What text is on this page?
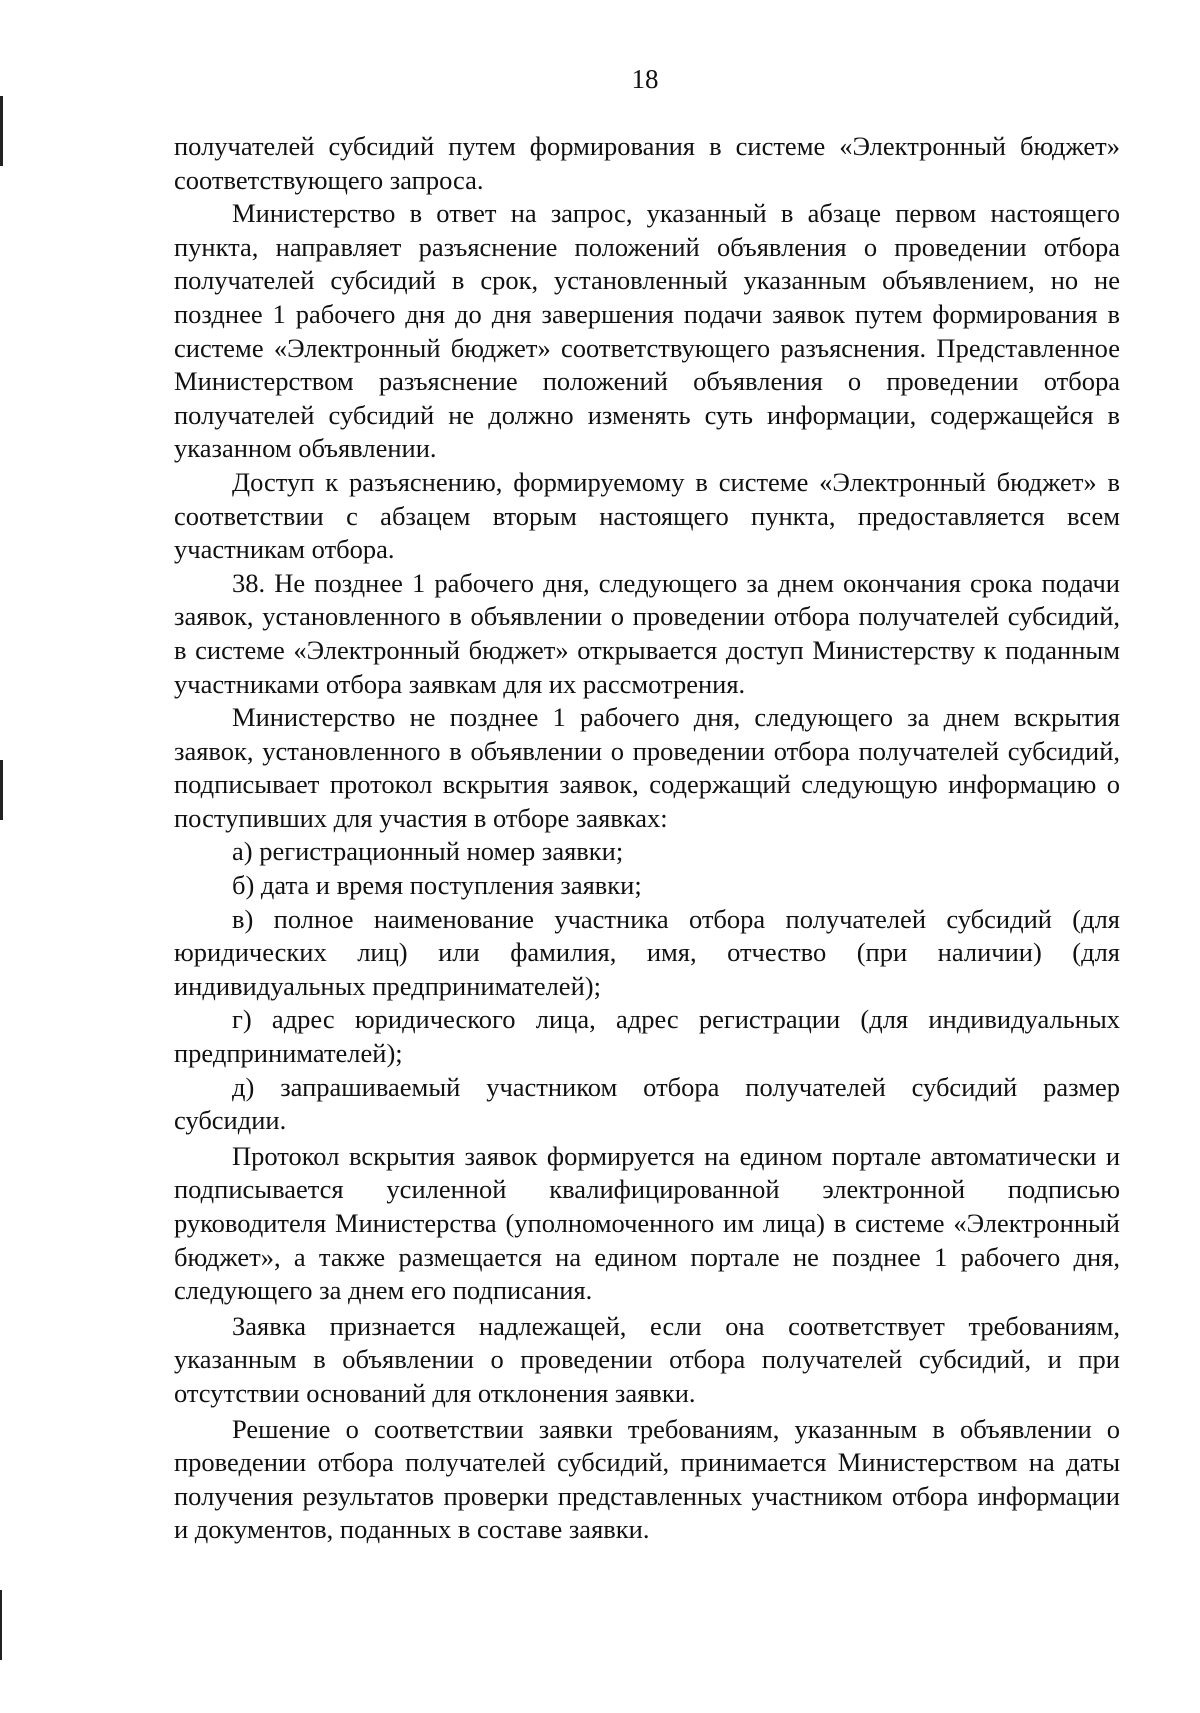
18

получателей субсидий путем формирования в системе «Электронный бюджет» соответствующего запроса.

Министерство в ответ на запрос, указанный в абзаце первом настоящего пункта, направляет разъяснение положений объявления о проведении отбора получателей субсидий в срок, установленный указанным объявлением, но не позднее 1 рабочего дня до дня завершения подачи заявок путем формирования в системе «Электронный бюджет» соответствующего разъяснения. Представленное Министерством разъяснение положений объявления о проведении отбора получателей субсидий не должно изменять суть информации, содержащейся в указанном объявлении.

Доступ к разъяснению, формируемому в системе «Электронный бюджет» в соответствии с абзацем вторым настоящего пункта, предоставляется всем участникам отбора.

38. Не позднее 1 рабочего дня, следующего за днем окончания срока подачи заявок, установленного в объявлении о проведении отбора получателей субсидий, в системе «Электронный бюджет» открывается доступ Министерству к поданным участниками отбора заявкам для их рассмотрения.

Министерство не позднее 1 рабочего дня, следующего за днем вскрытия заявок, установленного в объявлении о проведении отбора получателей субсидий, подписывает протокол вскрытия заявок, содержащий следующую информацию о поступивших для участия в отборе заявках:

а) регистрационный номер заявки;

б) дата и время поступления заявки;

в) полное наименование участника отбора получателей субсидий (для юридических лиц) или фамилия, имя, отчество (при наличии) (для индивидуальных предпринимателей);

г) адрес юридического лица, адрес регистрации (для индивидуальных предпринимателей);

д) запрашиваемый участником отбора получателей субсидий размер субсидии.

Протокол вскрытия заявок формируется на едином портале автоматически и подписывается усиленной квалифицированной электронной подписью руководителя Министерства (уполномоченного им лица) в системе «Электронный бюджет», а также размещается на едином портале не позднее 1 рабочего дня, следующего за днем его подписания.

Заявка признается надлежащей, если она соответствует требованиям, указанным в объявлении о проведении отбора получателей субсидий, и при отсутствии оснований для отклонения заявки.

Решение о соответствии заявки требованиям, указанным в объявлении о проведении отбора получателей субсидий, принимается Министерством на даты получения результатов проверки представленных участником отбора информации и документов, поданных в составе заявки.
